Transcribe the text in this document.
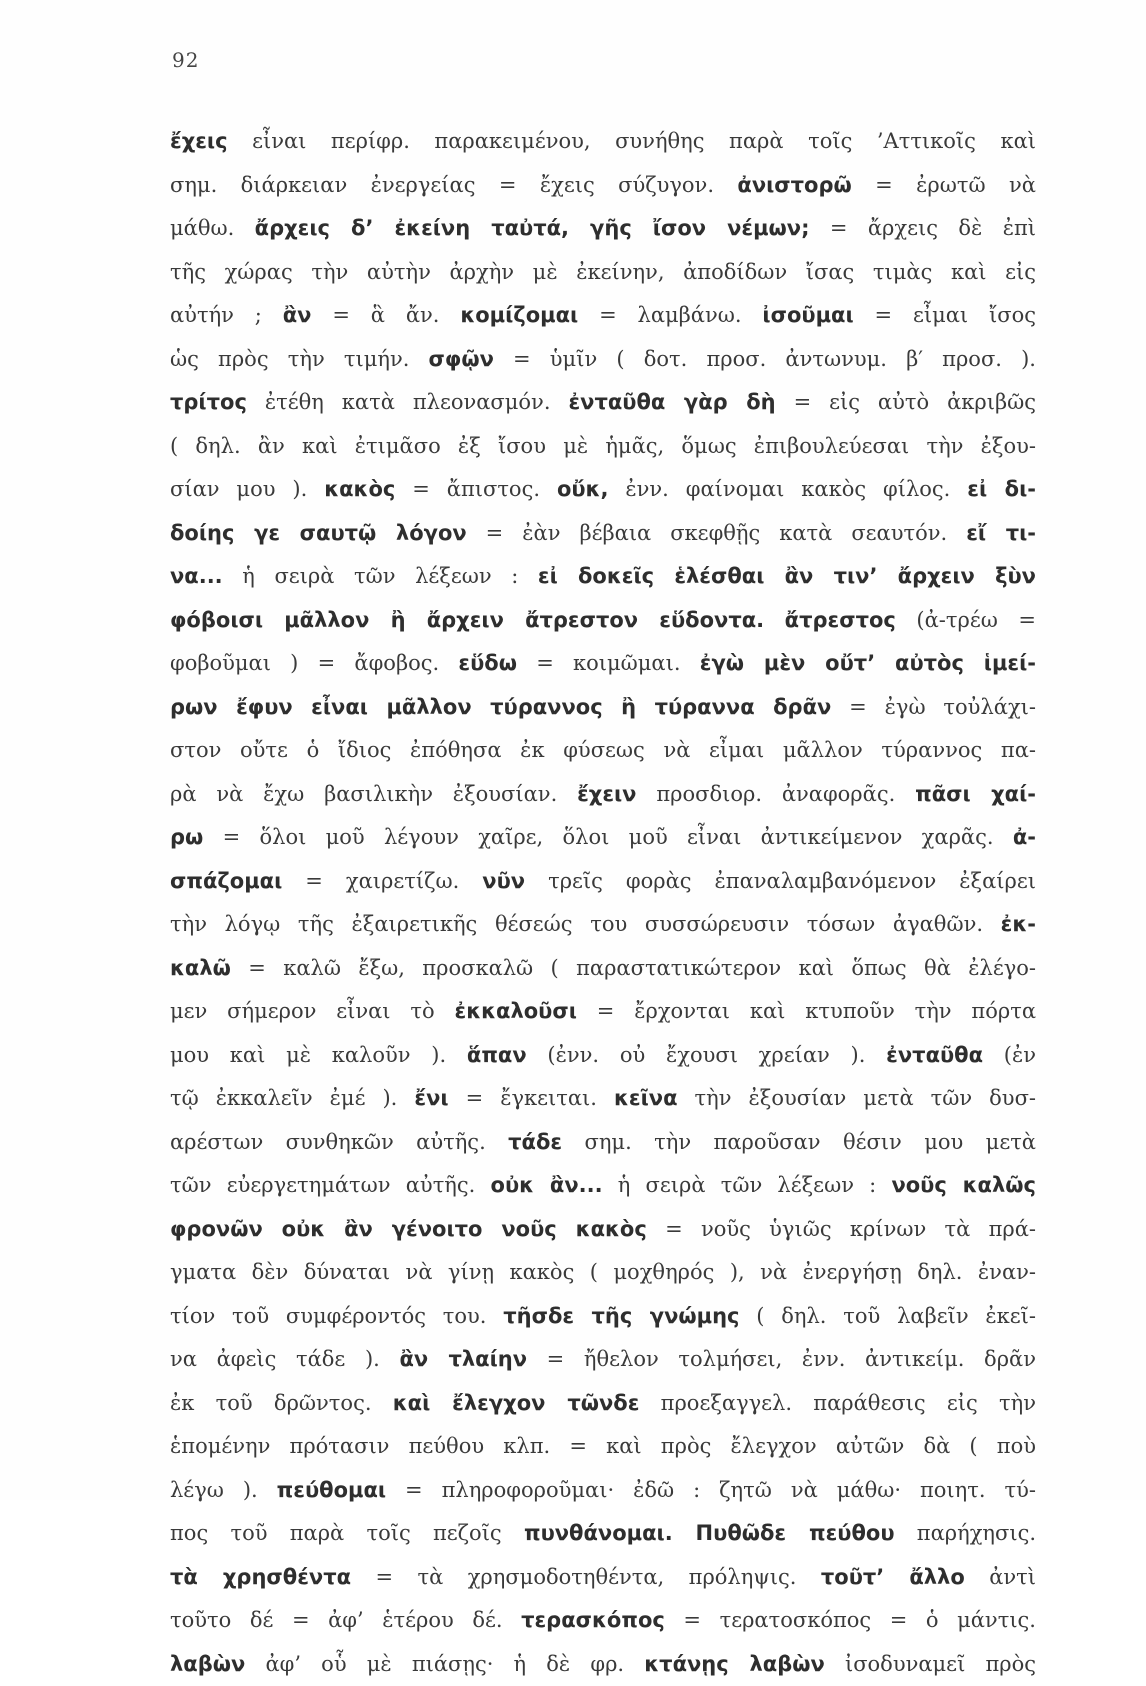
92
ἔχεις εἶναι περίφρ. παρακειμένου, συνήθης παρὰ τοῖς ’Αττικοῖς καὶ
σημ. διάρκειαν ἐνεργείας = ἔχεις σύζυγον. ἀνιστορῶ = ἐρωτῶ νὰ
μάθω. ἄρχεις δ’ ἐκείνη ταὐτά, γῆς ἴσον νέμων; = ἄρχεις δὲ ἐπὶ
τῆς χώρας τὴν αὐτὴν ἀρχὴν μὲ ἐκείνην, ἀποδίδων ἴσας τιμὰς καὶ εἰς
αὐτήν ; ἂν = ἃ ἄν. κομίζομαι = λαμβάνω. ἰσοῦμαι = εἶμαι ἴσος
ὡς πρὸς τὴν τιμήν. σφῷν = ὑμῖν ( δοτ. προσ. ἀντωνυμ. β′ προσ. ).
τρίτος ἐτέθη κατὰ πλεονασμόν. ἐνταῦθα γὰρ δὴ = εἰς αὐτὸ ἀκριβῶς
( δηλ. ἂν καὶ ἐτιμᾶσο ἐξ ἴσου μὲ ἡμᾶς, ὅμως ἐπιβουλεύεσαι τὴν ἐξου-
σίαν μου ). κακὸς = ἄπιστος. οὔκ, ἐνν. φαίνομαι κακὸς φίλος. εἰ δι-
δοίης γε σαυτῷ λόγον = ἐὰν βέβαια σκεφθῇς κατὰ σεαυτόν. εἴ τι-
να... ἡ σειρὰ τῶν λέξεων : εἰ δοκεῖς ἑλέσθαι ἂν τιν’ ἄρχειν ξὺν
φόβοισι μᾶλλον ἢ ἄρχειν ἄτρεστον εὕδοντα. ἄτρεστος (ἀ-τρέω =
φοβοῦμαι ) = ἄφοβος. εὕδω = κοιμῶμαι. ἐγὼ μὲν οὔτ’ αὐτὸς ἱμεί-
ρων ἔφυν εἶναι μᾶλλον τύραννος ἢ τύραννα δρᾶν = ἐγὼ τοὐλάχι-
στον οὔτε ὁ ἴδιος ἐπόθησα ἐκ φύσεως νὰ εἶμαι μᾶλλον τύραννος πα-
ρὰ νὰ ἔχω βασιλικὴν ἐξουσίαν. ἔχειν προσδιορ. ἀναφορᾶς. πᾶσι χαί-
ρω = ὅλοι μοῦ λέγουν χαῖρε, ὅλοι μοῦ εἶναι ἀντικείμενον χαρᾶς. ἀ-
σπάζομαι = χαιρετίζω. νῦν τρεῖς φορὰς ἐπαναλαμβανόμενον ἐξαίρει
τὴν λόγῳ τῆς ἐξαιρετικῆς θέσεώς του συσσώρευσιν τόσων ἀγαθῶν. ἐκ-
καλῶ = καλῶ ἔξω, προσκαλῶ ( παραστατικώτερον καὶ ὅπως θὰ ἐλέγο-
μεν σήμερον εἶναι τὸ ἐκκαλοῦσι = ἔρχονται καὶ κτυποῦν τὴν πόρτα
μου καὶ μὲ καλοῦν ). ἅπαν (ἐνν. οὐ ἔχουσι χρείαν ). ἐνταῦθα (ἐν
τῷ ἐκκαλεῖν ἐμέ ). ἔνι = ἔγκειται. κεῖνα τὴν ἐξουσίαν μετὰ τῶν δυσ-
αρέστων συνθηκῶν αὐτῆς. τάδε σημ. τὴν παροῦσαν θέσιν μου μετὰ
τῶν εὐεργετημάτων αὐτῆς. οὐκ ἂν... ἡ σειρὰ τῶν λέξεων : νοῦς καλῶς
φρονῶν οὐκ ἂν γένοιτο νοῦς κακὸς = νοῦς ὑγιῶς κρίνων τὰ πρά-
γματα δὲν δύναται νὰ γίνῃ κακὸς ( μοχθηρός ), νὰ ἐνεργήσῃ δηλ. ἐναν-
τίον τοῦ συμφέροντός του. τῆσδε τῆς γνώμης ( δηλ. τοῦ λαβεῖν ἐκεῖ-
να ἀφεὶς τάδε ). ἂν τλαίην = ἤθελον τολμήσει, ἐνν. ἀντικείμ. δρᾶν
ἐκ τοῦ δρῶντος. καὶ ἔλεγχον τῶνδε προεξαγγελ. παράθεσις εἰς τὴν
ἑπομένην πρότασιν πεύθου κλπ. = καὶ πρὸς ἔλεγχον αὐτῶν δὰ ( ποὺ
λέγω ). πεύθομαι = πληροφοροῦμαι· ἐδῶ : ζητῶ νὰ μάθω· ποιητ. τύ-
πος τοῦ παρὰ τοῖς πεζοῖς πυνθάνομαι. Πυθῶδε πεύθου παρήχησις.
τὰ χρησθέντα = τὰ χρησμοδοτηθέντα, πρόληψις. τοῦτ’ ἄλλο ἀντὶ
τοῦτο δέ = ἀφ’ ἑτέρου δέ. τερασκόπος = τερατοσκόπος = ὁ μάντις.
λαβὼν ἀφ’ οὗ μὲ πιάσῃς· ἡ δὲ φρ. κτάνῃς λαβὼν ἰσοδυναμεῖ πρὸς
